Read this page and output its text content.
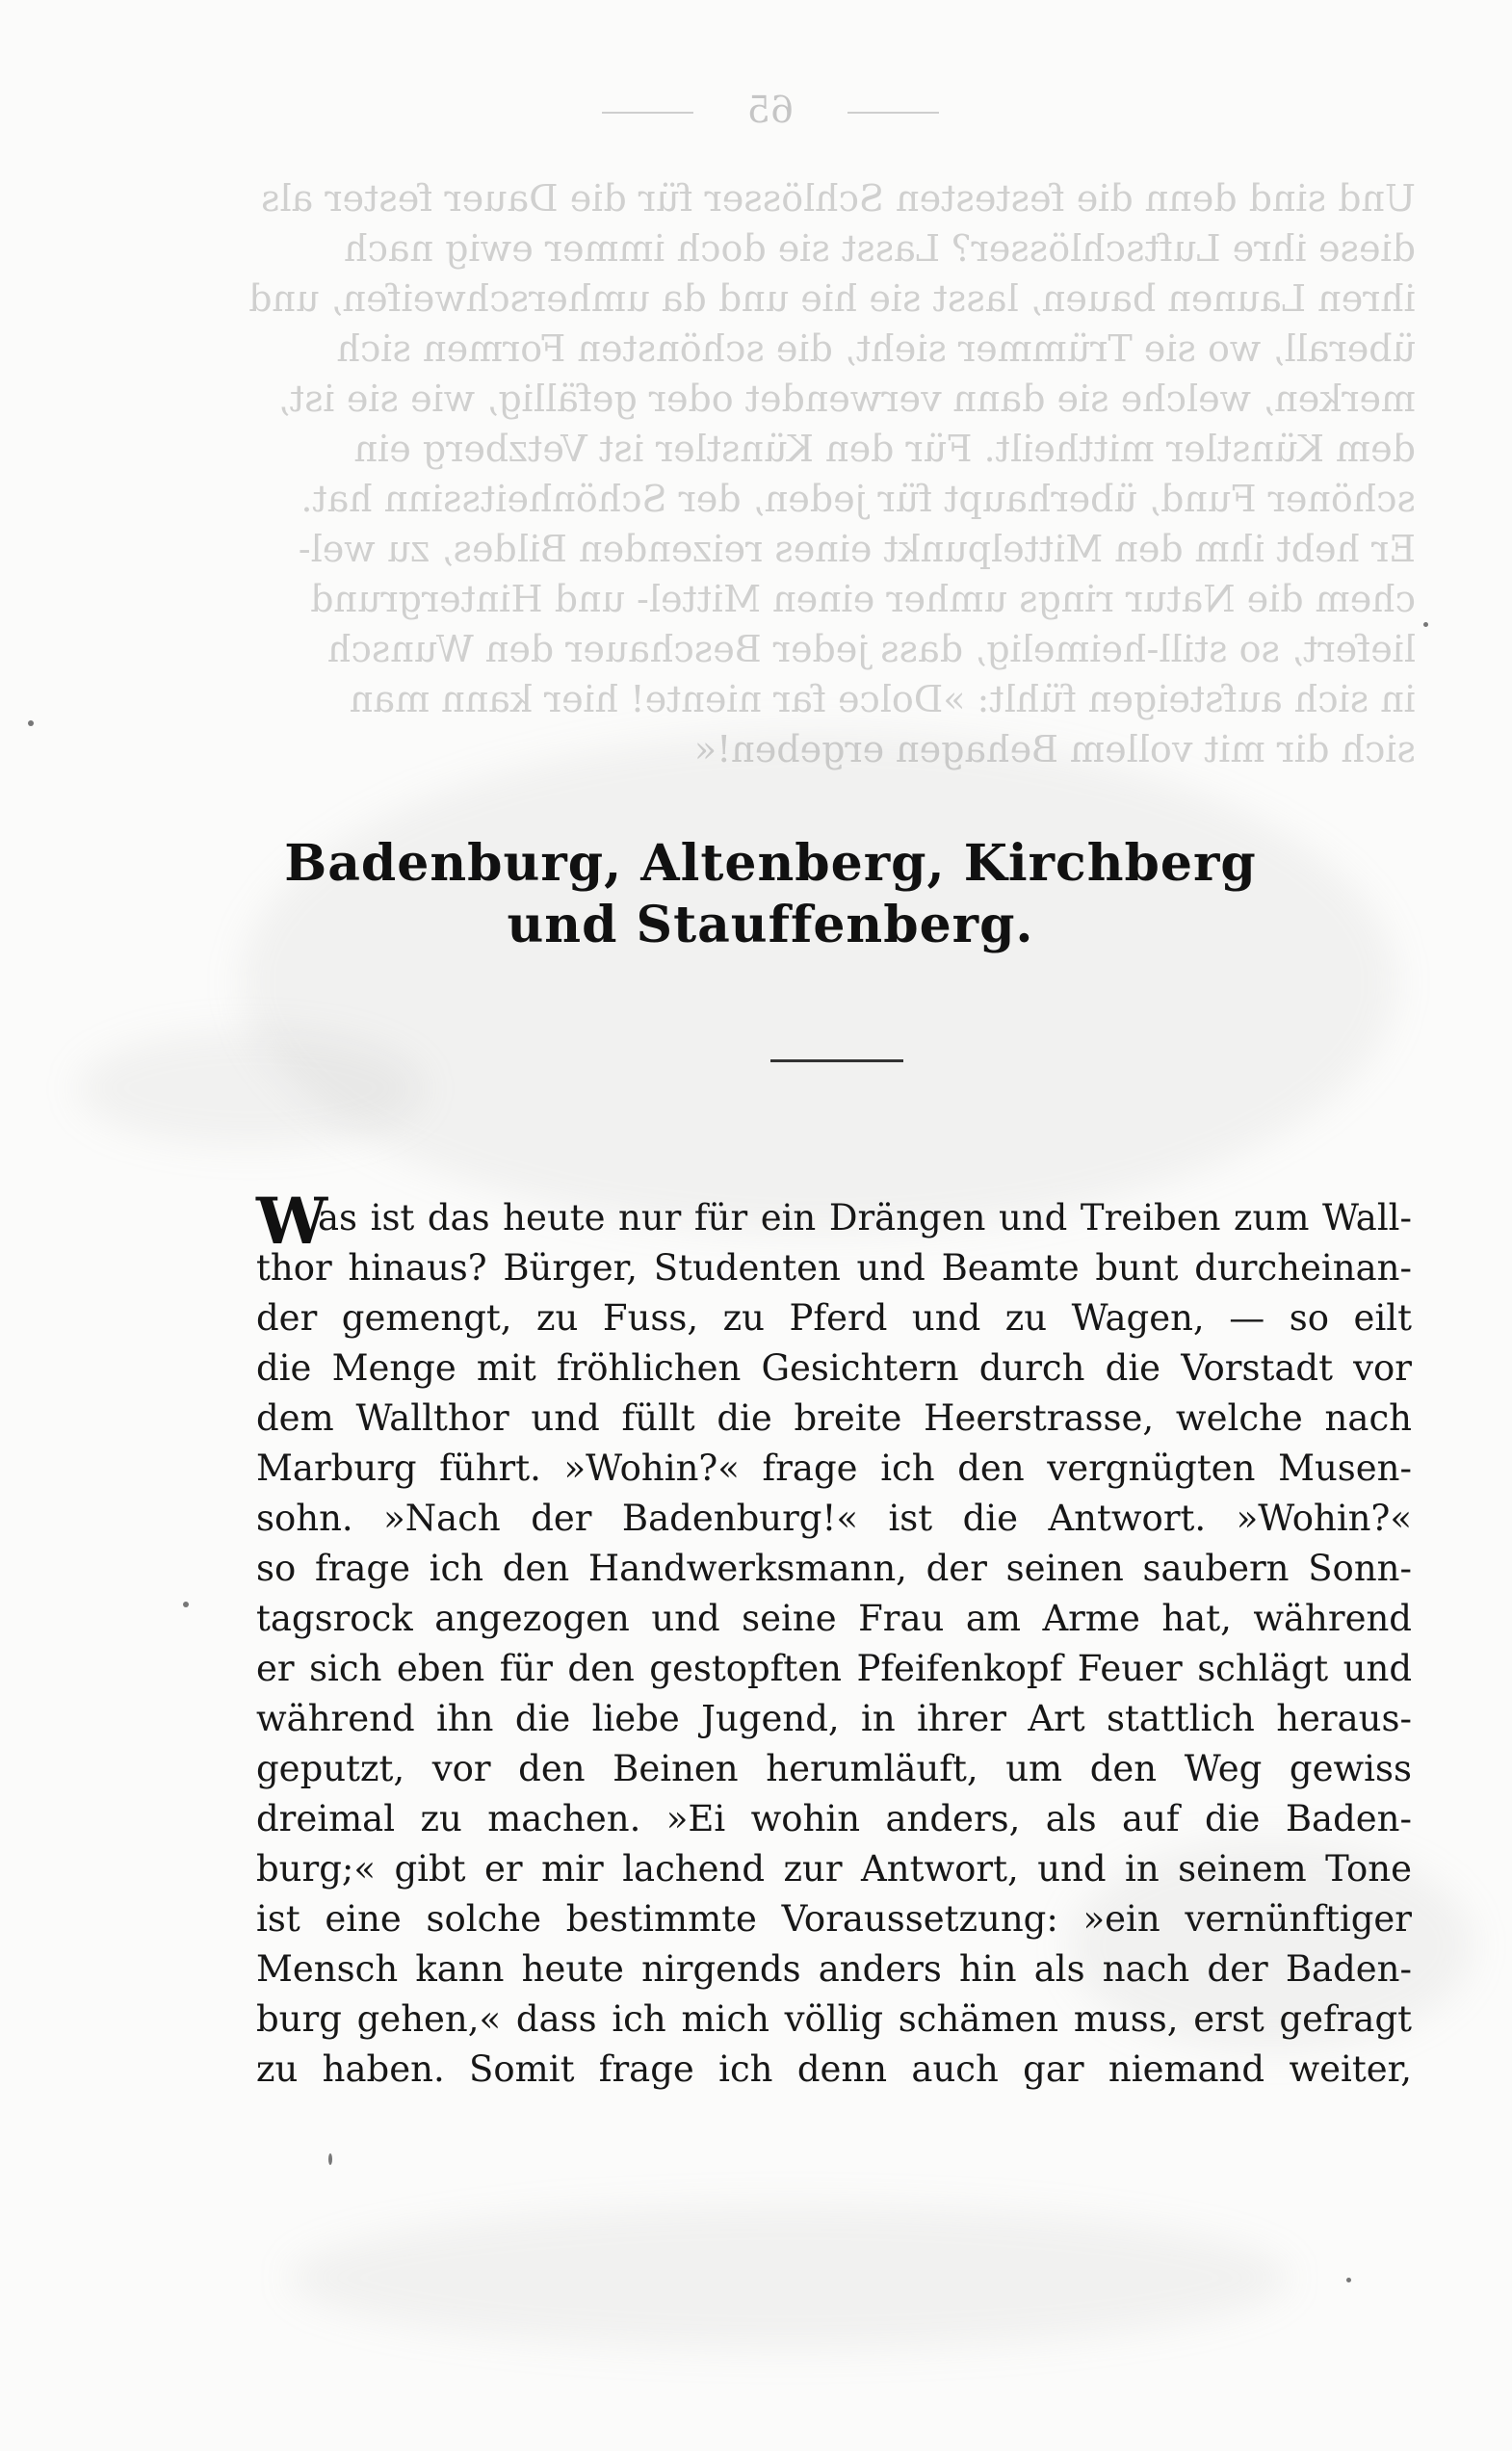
65
Und sind denn die festesten Schlösser für die Dauer fester als
diese ihre Luftschlösser? Lasst sie doch immer ewig nach
ihren Launen bauen, lasst sie hie und da umherschweifen, und
überall, wo sie Trümmer sieht, die schönsten Formen sich
merken, welche sie dann verwendet oder gefällig, wie sie ist,
dem Künstler mittheilt. Für den Künstler ist Vetzberg ein
schöner Fund, überhaupt für jeden, der Schönheitssinn hat.
Er hebt ihm den Mittelpunkt eines reizenden Bildes, zu wel-
chem die Natur rings umher einen Mittel- und Hintergrund
liefert, so still-heimelig, dass jeder Beschauer den Wunsch
in sich aufsteigen fühlt: »Dolce far niente! hier kann man
sich dir mit vollem Behagen ergeben!«
Badenburg, Altenberg, Kirchberg
und Stauffenberg.
W

as ist das heute nur für ein Drängen und Treiben zum Wall-

thor hinaus? Bürger, Studenten und Beamte bunt durcheinan-

der gemengt, zu Fuss, zu Pferd und zu Wagen, — so eilt

die Menge mit fröhlichen Gesichtern durch die Vorstadt vor

dem Wallthor und füllt die breite Heerstrasse, welche nach

Marburg führt. »Wohin?« frage ich den vergnügten Musen-

sohn. »Nach der Badenburg!« ist die Antwort. »Wohin?«

so frage ich den Handwerksmann, der seinen saubern Sonn-

tagsrock angezogen und seine Frau am Arme hat, während

er sich eben für den gestopften Pfeifenkopf Feuer schlägt und

während ihn die liebe Jugend, in ihrer Art stattlich heraus-

geputzt, vor den Beinen herumläuft, um den Weg gewiss

dreimal zu machen. »Ei wohin anders, als auf die Baden-

burg;« gibt er mir lachend zur Antwort, und in seinem Tone

ist eine solche bestimmte Voraussetzung: »ein vernünftiger

Mensch kann heute nirgends anders hin als nach der Baden-

burg gehen,« dass ich mich völlig schämen muss, erst gefragt

zu haben. Somit frage ich denn auch gar niemand weiter,
